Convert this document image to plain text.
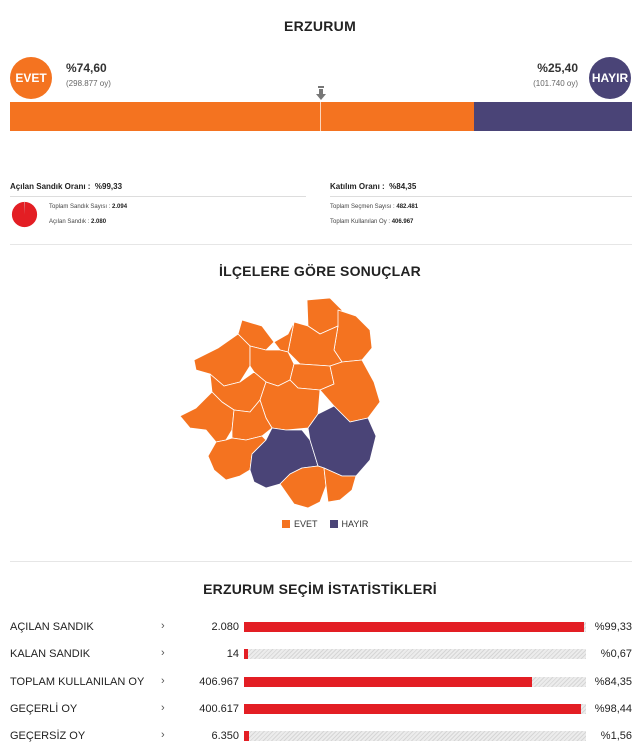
ERZURUM
EVET
%74,60
(298.877 oy)
%25,40
(101.740 oy) HAYIR
Açılan Sandık Oranı : %99,33
Toplam Sandık Sayısı : 2.094
Açılan Sandık : 2.080
Katılım Oranı : %84,35
Toplam Seçmen Sayısı : 482.481
Toplam Kullanılan Oy : 406.967
İLÇELERE GÖRE SONUÇLAR
EVET	HAYIR
ERZURUM SEÇİM İSTATİSTİKLERİ
AÇILAN SANDIK	›	2.080	%99,33
KALAN SANDIK	›	14	%0,67
TOPLAM KULLANILAN OY ›	406.967	%84,35
GEÇERLİ OY	›	400.617	%98,44
GEÇERSİZ OY	›	6.350	%1,56
